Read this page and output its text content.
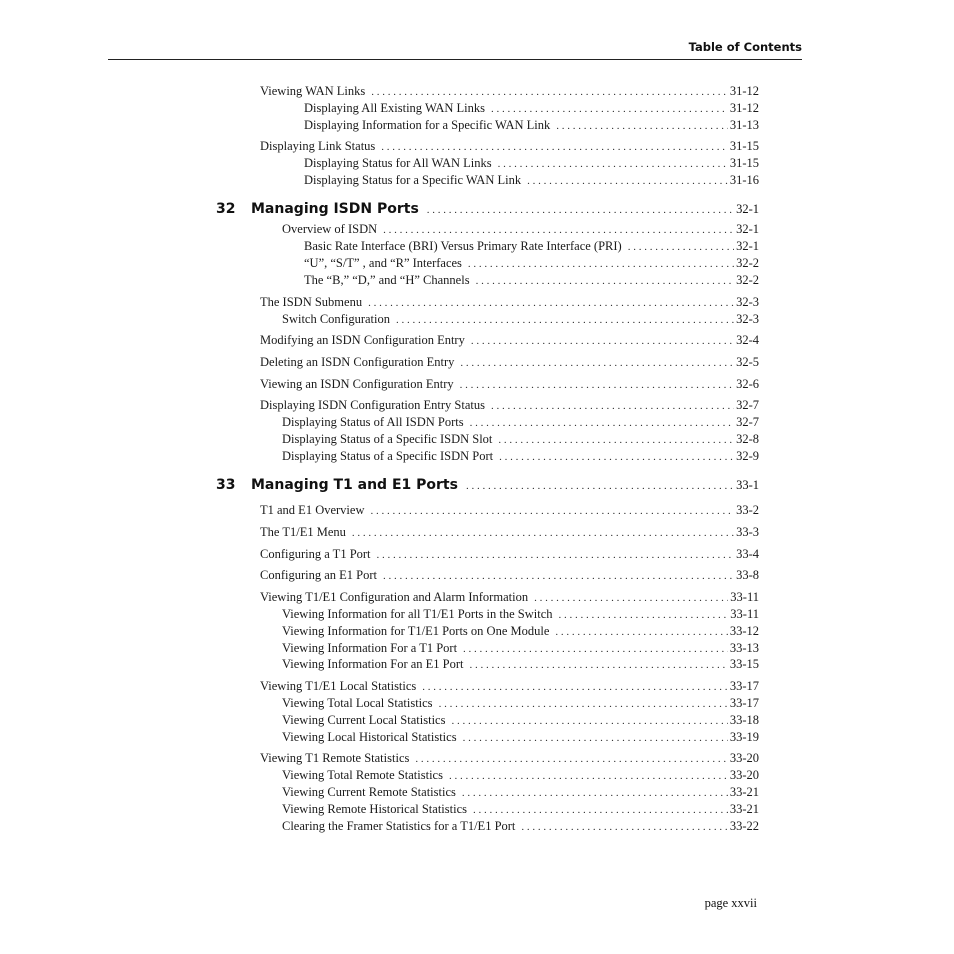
Table of Contents
Viewing WAN Links . . .	31-12
Displaying All Existing WAN Links . . .	31-12
Displaying Information for a Specific WAN Link . . .	31-13
Displaying Link Status . . .	31-15
Displaying Status for All WAN Links . . .	31-15
Displaying Status for a Specific WAN Link . . .	31-16
32	Managing ISDN Ports . . .	32-1
Overview of ISDN . . .	32-1
Basic Rate Interface (BRI) Versus Primary Rate Interface (PRI) . . .	32-1
“U”, “S/T” , and “R” Interfaces . . .	32-2
The “B,” “D,” and “H” Channels . . .	32-2
The ISDN Submenu . . .	32-3
Switch Configuration . . .	32-3
Modifying an ISDN Configuration Entry . . .	32-4
Deleting an ISDN Configuration Entry . . .	32-5
Viewing an ISDN Configuration Entry . . .	32-6
Displaying ISDN Configuration Entry Status . . .	32-7
Displaying Status of All ISDN Ports . . .	32-7
Displaying Status of a Specific ISDN Slot . . .	32-8
Displaying Status of a Specific ISDN Port . . .	32-9
33	Managing T1 and E1 Ports . . .	33-1
T1 and E1 Overview . . .	33-2
The T1/E1 Menu . . .	33-3
Configuring a T1 Port . . .	33-4
Configuring an E1 Port . . .	33-8
Viewing T1/E1 Configuration and Alarm Information . . .	33-11
Viewing Information for all T1/E1 Ports in the Switch . . .	33-11
Viewing Information for T1/E1 Ports on One Module . . .	33-12
Viewing Information For a T1 Port . . .	33-13
Viewing Information For an E1 Port . . .	33-15
Viewing T1/E1 Local Statistics . . .	33-17
Viewing Total Local Statistics . . .	33-17
Viewing Current Local Statistics . . .	33-18
Viewing Local Historical Statistics . . .	33-19
Viewing T1 Remote Statistics . . .	33-20
Viewing Total Remote Statistics . . .	33-20
Viewing Current Remote Statistics . . .	33-21
Viewing Remote Historical Statistics . . .	33-21
Clearing the Framer Statistics for a T1/E1 Port . . .	33-22
page xxvii
